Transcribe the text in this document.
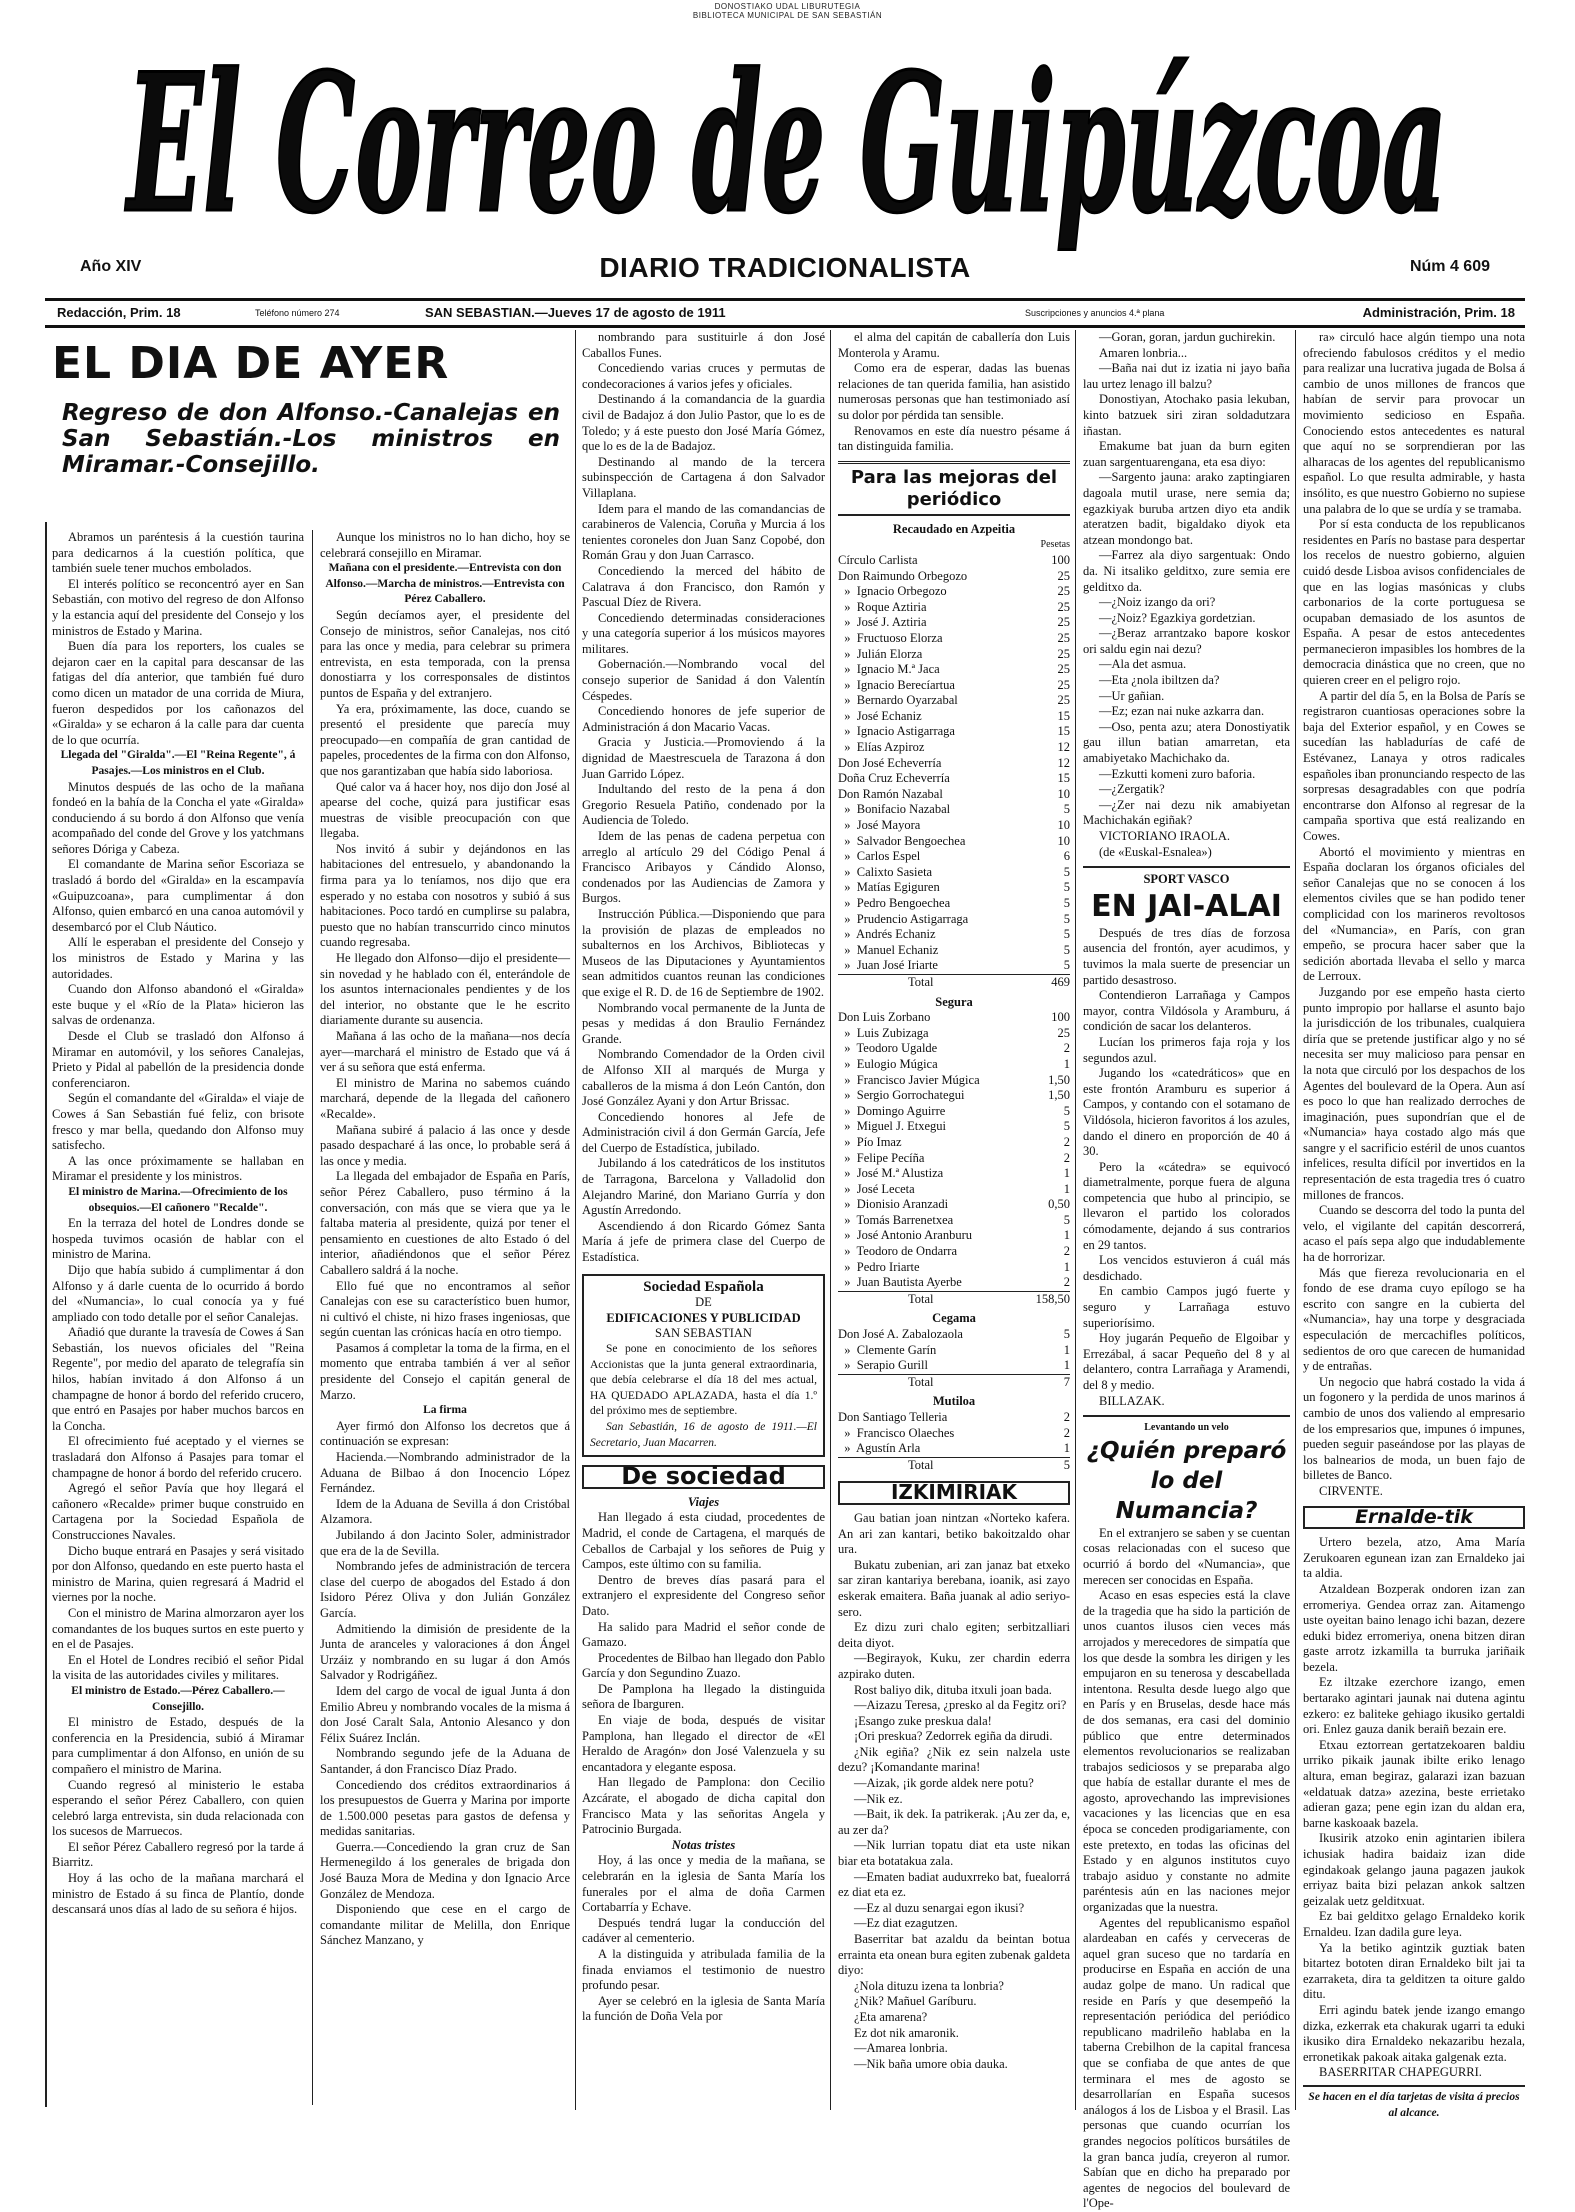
DONOSTIAKO UDAL LIBURUTEGIA
BIBLIOTECA MUNICIPAL DE SAN SEBASTIÁN
El Correo de Guipúzcoa
Año XIV	DIARIO TRADICIONALISTA	Núm 4 609
Redacción, Prim. 18	Teléfono número 274	SAN SEBASTIAN.—Jueves 17 de agosto de 1911	Suscripciones y anuncios 4.ª plana	Administración, Prim. 18
EL DIA DE AYER
Regreso de don Alfonso.-Canalejas en San Sebastián.-Los ministros en Miramar.-Consejillo.

Abramos un paréntesis á la cuestión taurina para dedicarnos á la cuestión política, que también suele tener muchos embolados.

El interés político se reconcentró ayer en San Sebastián, con motivo del regreso de don Alfonso y la estancia aquí del presidente del Consejo y los ministros de Estado y Marina.

Buen día para los reporters, los cuales se dejaron caer en la capital para descansar de las fatigas del día anterior, que también fué duro como dicen un matador de una corrida de Miura, fueron despedidos por los cañonazos del «Giralda» y se echaron á la calle para dar cuenta de lo que ocurría.

Llegada del "Giralda".—El "Reina Regente", á Pasajes.—Los ministros en el Club.

Minutos después de las ocho de la mañana fondeó en la bahía de la Concha el yate «Giralda» conduciendo á su bordo á don Alfonso que venía acompañado del conde del Grove y los yatchmans señores Dóriga y Cabeza.

El comandante de Marina señor Escoriaza se trasladó á bordo del «Giralda» en la escampavía «Guipuzcoana», para cumplimentar á don Alfonso, quien embarcó en una canoa automóvil y desembarcó por el Club Náutico.

Allí le esperaban el presidente del Consejo y los ministros de Estado y Marina y las autoridades.

Cuando don Alfonso abandonó el «Giralda» este buque y el «Río de la Plata» hicieron las salvas de ordenanza.

Desde el Club se trasladó don Alfonso á Miramar en automóvil, y los señores Canalejas, Prieto y Pidal al pabellón de la presidencia donde conferenciaron.

Según el comandante del «Giralda» el viaje de Cowes á San Sebastián fué feliz, con brisote fresco y mar bella, quedando don Alfonso muy satisfecho.

A las once próximamente se hallaban en Miramar el presidente y los ministros.

El ministro de Marina.—Ofrecimiento de los obsequios.—El cañonero "Recalde".

En la terraza del hotel de Londres donde se hospeda tuvimos ocasión de hablar con el ministro de Marina.

Dijo que había subido á cumplimentar á don Alfonso y á darle cuenta de lo ocurrido á bordo del «Numancia», lo cual conocía ya y fué ampliado con todo detalle por el señor Canalejas.

Añadió que durante la travesía de Cowes á San Sebastián, los nuevos oficiales del "Reina Regente", por medio del aparato de telegrafía sin hilos, habían invitado á don Alfonso á un champagne de honor á bordo del referido crucero, que entró en Pasajes por haber muchos barcos en la Concha.

El ofrecimiento fué aceptado y el viernes se trasladará don Alfonso á Pasajes para tomar el champagne de honor á bordo del referido crucero.

Agregó el señor Pavía que hoy llegará el cañonero «Recalde» primer buque construido en Cartagena por la Sociedad Española de Construcciones Navales.

Dicho buque entrará en Pasajes y será visitado por don Alfonso, quedando en este puerto hasta el ministro de Marina, quien regresará á Madrid el viernes por la noche.

Con el ministro de Marina almorzaron ayer los comandantes de los buques surtos en este puerto y en el de Pasajes.

En el Hotel de Londres recibió el señor Pidal la visita de las autoridades civiles y militares.

El ministro de Estado.—Pérez Caballero.—Consejillo.

El ministro de Estado, después de la conferencia en la Presidencia, subió á Miramar para cumplimentar á don Alfonso, en unión de su compañero el ministro de Marina.

Cuando regresó al ministerio le estaba esperando el señor Pérez Caballero, con quien celebró larga entrevista, sin duda relacionada con los sucesos de Marruecos.

El señor Pérez Caballero regresó por la tarde á Biarritz.

Hoy á las ocho de la mañana marchará el ministro de Estado á su finca de Plantío, donde descansará unos días al lado de su señora é hijos.

Aunque los ministros no lo han dicho, hoy se celebrará consejillo en Miramar.

Mañana con el presidente.—Entrevista con don Alfonso.—Marcha de ministros.—Entrevista con Pérez Caballero.

Según decíamos ayer, el presidente del Consejo de ministros, señor Canalejas, nos citó para las once y media, para celebrar su primera entrevista, en esta temporada, con la prensa donostiarra y los corresponsales de distintos puntos de España y del extranjero.

Ya era, próximamente, las doce, cuando se presentó el presidente que parecía muy preocupado—en compañía de gran cantidad de papeles, procedentes de la firma con don Alfonso, que nos garantizaban que había sido laboriosa.

Qué calor va á hacer hoy, nos dijo don José al apearse del coche, quizá para justificar esas muestras de visible preocupación con que llegaba.

Nos invitó á subir y dejándonos en las habitaciones del entresuelo, y abandonando la firma para ya lo teníamos, nos dijo que era esperado y no estaba con nosotros y subió á sus habitaciones. Poco tardó en cumplirse su palabra, puesto que no habían transcurrido cinco minutos cuando regresaba.

He llegado don Alfonso—dijo el presidente—sin novedad y he hablado con él, enterándole de los asuntos internacionales pendientes y de los del interior, no obstante que le he escrito diariamente durante su ausencia.

Mañana á las ocho de la mañana—nos decía ayer—marchará el ministro de Estado que vá á ver á su señora que está enferma.

El ministro de Marina no sabemos cuándo marchará, depende de la llegada del cañonero «Recalde».

Mañana subiré á palacio á las once y desde pasado despacharé á las once, lo probable será á las once y media.

La llegada del embajador de España en París, señor Pérez Caballero, puso término á la conversación, con más que se viera que ya le faltaba materia al presidente, quizá por tener el pensamiento en cuestiones de alto Estado ó del interior, añadiéndonos que el señor Pérez Caballero saldrá á la noche.

Ello fué que no encontramos al señor Canalejas con ese su característico buen humor, ni cultivó el chiste, ni hizo frases ingeniosas, que según cuentan las crónicas hacía en otro tiempo.

Pasamos á completar la toma de la firma, en el momento que entraba también á ver al señor presidente del Consejo el capitán general de Marzo.

La firma

Ayer firmó don Alfonso los decretos que á continuación se expresan:

Hacienda.—Nombrando administrador de la Aduana de Bilbao á don Inocencio López Fernández.

Idem de la Aduana de Sevilla á don Cristóbal Alzamora.

Jubilando á don Jacinto Soler, administrador que era de la de Sevilla.

Nombrando jefes de administración de tercera clase del cuerpo de abogados del Estado á don Isidoro Pérez Oliva y don Julián González García.

Admitiendo la dimisión de presidente de la Junta de aranceles y valoraciones á don Ángel Urzáiz y nombrando en su lugar á don Amós Salvador y Rodrigáñez.

Idem del cargo de vocal de igual Junta á don Emilio Abreu y nombrando vocales de la misma á don José Caralt Sala, Antonio Alesanco y don Félix Suárez Inclán.

Nombrando segundo jefe de la Aduana de Santander, á don Francisco Díaz Prado.

Concediendo dos créditos extraordinarios á los presupuestos de Guerra y Marina por importe de 1.500.000 pesetas para gastos de defensa y medidas sanitarias.

Guerra.—Concediendo la gran cruz de San Hermenegildo á los generales de brigada don José Bauza Mora de Medina y don Ignacio Arce González de Mendoza.

Disponiendo que cese en el cargo de comandante militar de Melilla, don Enrique Sánchez Manzano, y

nombrando para sustituirle á don José Caballos Funes.

Concediendo varias cruces y permutas de condecoraciones á varios jefes y oficiales.

Destinando á la comandancia de la guardia civil de Badajoz á don Julio Pastor, que lo es de Toledo; y á este puesto don José María Gómez, que lo es de la de Badajoz.

Destinando al mando de la tercera subinspección de Cartagena á don Salvador Villaplana.

Idem para el mando de las comandancias de carabineros de Valencia, Coruña y Murcia á los tenientes coroneles don Juan Sanz Copobé, don Román Grau y don Juan Carrasco.

Concediendo la merced del hábito de Calatrava á don Francisco, don Ramón y Pascual Díez de Rivera.

Concediendo determinadas consideraciones y una categoría superior á los músicos mayores militares.

Gobernación.—Nombrando vocal del consejo superior de Sanidad á don Valentín Céspedes.

Concediendo honores de jefe superior de Administración á don Macario Vacas.

Gracia y Justicia.—Promoviendo á la dignidad de Maestrescuela de Tarazona á don Juan Garrido López.

Indultando del resto de la pena á don Gregorio Resuela Patiño, condenado por la Audiencia de Toledo.

Idem de las penas de cadena perpetua con arreglo al artículo 29 del Código Penal á Francisco Aribayos y Cándido Alonso, condenados por las Audiencias de Zamora y Burgos.

Instrucción Pública.—Disponiendo que para la provisión de plazas de empleados no subalternos en los Archivos, Bibliotecas y Museos de las Diputaciones y Ayuntamientos sean admitidos cuantos reunan las condiciones que exige el R. D. de 16 de Septiembre de 1902.

Nombrando vocal permanente de la Junta de pesas y medidas á don Braulio Fernández Grande.

Nombrando Comendador de la Orden civil de Alfonso XII al marqués de Murga y caballeros de la misma á don León Cantón, don José González Ayani y don Artur Brissac.

Concediendo honores al Jefe de Administración civil á don Germán García, Jefe del Cuerpo de Estadística, jubilado.

Jubilando á los catedráticos de los institutos de Tarragona, Barcelona y Valladolid don Alejandro Mariné, don Mariano Gurría y don Agustín Arredondo.

Ascendiendo á don Ricardo Gómez Santa María á jefe de primera clase del Cuerpo de Estadística.

Sociedad Española
DE
EDIFICACIONES Y PUBLICIDAD
SAN SEBASTIAN

Se pone en conocimiento de los señores Accionistas que la junta general extraordinaria, que debía celebrarse el día 18 del mes actual, HA QUEDADO APLAZADA, hasta el día 1.º del próximo mes de septiembre.

San Sebastián, 16 de agosto de 1911.—El Secretario, Juan Macarren.

De sociedad
Viajes

Han llegado á esta ciudad, procedentes de Madrid, el conde de Cartagena, el marqués de Ceballos de Carbajal y los señores de Puig y Campos, este último con su familia.

Dentro de breves días pasará para el extranjero el expresidente del Congreso señor Dato.

Ha salido para Madrid el señor conde de Gamazo.

Procedentes de Bilbao han llegado don Pablo García y don Segundino Zuazo.

De Pamplona ha llegado la distinguida señora de Ibarguren.

En viaje de boda, después de visitar Pamplona, han llegado el director de «El Heraldo de Aragón» don José Valenzuela y su encantadora y elegante esposa.

Han llegado de Pamplona: don Cecilio Azcárate, el abogado de dicha capital don Francisco Mata y las señoritas Angela y Patrocinio Burgada.

Notas tristes

Hoy, á las once y media de la mañana, se celebrarán en la iglesia de Santa María los funerales por el alma de doña Carmen Cortabarría y Echave.

Después tendrá lugar la conducción del cadáver al cementerio.

A la distinguida y atribulada familia de la finada enviamos el testimonio de nuestro profundo pesar.

Ayer se celebró en la iglesia de Santa María la función de Doña Vela por

el alma del capitán de caballería don Luis Monterola y Aramu.

Como era de esperar, dadas las buenas relaciones de tan querida familia, han asistido numerosas personas que han testimoniado así su dolor por pérdida tan sensible.

Renovamos en este día nuestro pésame á tan distinguida familia.

Para las mejoras del periódico
Recaudado en Azpeitia
Pesetas
Círculo Carlista	100
Don Raimundo Orbegozo	25
»  Ignacio Orbegozo	25
»  Roque Aztiria	25
»  José J. Aztiria	25
»  Fructuoso Elorza	25
»  Julián Elorza	25
»  Ignacio M.ª Jaca	25
»  Ignacio Berecíartua	25
»  Bernardo Oyarzabal	25
»  José Echaniz	15
»  Ignacio Astigarraga	15
»  Elías Azpiroz	12
Don José Echeverría	12
Doña Cruz Echeverría	15
Don Ramón Nazabal	10
»  Bonifacio Nazabal	5
»  José Mayora	10
»  Salvador Bengoechea	10
»  Carlos Espel	6
»  Calixto Sasieta	5
»  Matías Egiguren	5
»  Pedro Bengoechea	5
»  Prudencio Astigarraga	5
»  Andrés Echaniz	5
»  Manuel Echaniz	5
»  Juan José Iriarte	5
Total	469
Segura
Don Luis Zorbano	100
»  Luis Zubizaga	25
»  Teodoro Ugalde	2
»  Eulogio Múgica	1
»  Francisco Javier Múgica	1,50
»  Sergio Gorrochategui	1,50
»  Domingo Aguirre	5
»  Miguel J. Etxegui	5
»  Pío Imaz	2
»  Felipe Pecíña	2
»  José M.ª Alustiza	1
»  José Leceta	1
»  Dionisio Aranzadi	0,50
»  Tomás Barrenetxea	5
»  José Antonio Aranburu	1
»  Teodoro de Ondarra	2
»  Pedro Iriarte	1
»  Juan Bautista Ayerbe	2
Total	158,50
Cegama
Don José A. Zabalozaola	5
»  Clemente Garín	1
»  Serapio Gurill	1
Total	7
Mutiloa
Don Santiago Telleria	2
»  Francisco Olaeches	2
»  Agustín Arla	1
Total	5
IZKIMIRIAK

Gau batian joan nintzan «Norteko kafera. An ari zan kantari, betiko bakoitzaldo ohar ura.

Bukatu zubenian, ari zan janaz bat etxeko sar ziran kantariya berebana, ioanik, asi zayo eskerak emaitera. Baña juanak al adio seriyo-sero.

Ez dizu zuri chalo egiten; serbitzalliari deita diyot.

—Begirayok, Kuku, zer chardin ederra azpirako duten.

Rost baliyo dik, dituba itxuli joan bada.

—Aizazu Teresa, ¿presko al da Fegitz ori?

¡Esango zuke preskua dala!

¡Ori preskua? Zedorrek egiña da dirudi.

¿Nik egiña? ¿Nik ez sein nalzela uste dezu? ¡Komandante marina!

—Aizak, ¡ik gorde aldek nere potu?

—Nik ez.

—Bait, ik dek. Ia patrikerak. ¡Au zer da, e, au zer da?

—Nik lurrian topatu diat eta uste nikan biar eta botatakua zala.

—Ematen badiat auduxrreko bat, fuealorrá ez diat eta ez.

—Ez al duzu senargai egon ikusi?

—Ez diat ezagutzen.

Baserritar bat azaldu da beintan botua errainta eta onean bura egiten zubenak galdeta diyo:

¿Nola dituzu izena ta lonbria?

¿Nik? Mañuel Garíburu.

¿Eta amarena?

Ez dot nik amaronik.

—Amarea lonbria.

—Nik baña umore obia dauka.

—Goran, goran, jardun guchirekin.

Amaren lonbria...

—Baña nai dut iz izatia ni jayo baña lau urtez lenago ill balzu?

Donostiyan, Atochako pasia lekuban, kinto batzuek siri ziran soldadutzara iñastan.

Emakume bat juan da burn egiten zuan sargentuarengana, eta esa diyo:

—Sargento jauna: arako zaptingiaren dagoala mutil urase, nere semia da; egazkiyak buruba artzen diyo eta andik ateratzen badit, bigaldako diyok eta atzean mondongo bat.

—Farrez ala diyo sargentuak: Ondo da. Ni itsaliko gelditxo, zure semia ere gelditxo da.

—¿Noiz izango da ori?

—¿Noiz? Egazkiya gordetzian.

—¿Beraz arrantzako bapore koskor ori saldu egin nai dezu?

—Ala det asmua.

—Eta ¿nola ibiltzen da?

—Ur gañian.

—Ez; ezan nai nuke azkarra dan.

—Oso, penta azu; atera Donostiyatik gau illun batian amarretan, eta amabiyetako Machichako da.

—Ezkutti komeni zuro baforia.

—¿Zergatik?

—¿Zer nai dezu nik amabiyetan Machichakán egiñak?

VICTORIANO IRAOLA.

(de «Euskal-Esnalea»)

SPORT VASCO
EN JAI-ALAI

Después de tres días de forzosa ausencia del frontón, ayer acudimos, y tuvimos la mala suerte de presenciar un partido desastroso.

Contendieron Larrañaga y Campos mayor, contra Vildósola y Aramburu, á condición de sacar los delanteros.

Lucían los primeros faja roja y los segundos azul.

Jugando los «catedráticos» que en este frontón Aramburu es superior á Campos, y contando con el sotamano de Vildósola, hicieron favoritos á los azules, dando el dinero en proporción de 40 á 30.

Pero la «cátedra» se equivocó diametralmente, porque fuera de alguna competencia que hubo al principio, se llevaron el partido los colorados cómodamente, dejando á sus contrarios en 29 tantos.

Los vencidos estuvieron á cuál más desdichado.

En cambio Campos jugó fuerte y seguro y Larrañaga estuvo superiorísimo.

Hoy jugarán Pequeño de Elgoibar y Errezábal, á sacar Pequeño del 8 y al delantero, contra Larrañaga y Aramendi, del 8 y medio.

BILLAZAK.

Levantando un velo
¿Quién preparó lo del Numancia?

En el extranjero se saben y se cuentan cosas relacionadas con el suceso que ocurrió á bordo del «Numancia», que merecen ser conocidas en España.

Acaso en esas especies está la clave de la tragedia que ha sido la partición de unos cuantos ilusos cien veces más arrojados y merecedores de simpatía que los que desde la sombra les dirigen y les empujaron en su tenerosa y descabellada intentona. Resulta desde luego algo que en París y en Bruselas, desde hace más de dos semanas, era casi del dominio público que entre determinados elementos revolucionarios se realizaban trabajos sediciosos y se preparaba algo que había de estallar durante el mes de agosto, aprovechando las imprevisiones vacaciones y las licencias que en esa época se conceden prodigariamente, con este pretexto, en todas las oficinas del Estado y en algunos institutos cuyo trabajo asiduo y constante no admite paréntesis aún en las naciones mejor organizadas que la nuestra.

Agentes del republicanismo español alardeaban en cafés y cerveceras de aquel gran suceso que no tardaría en producirse en España en acción de una audaz golpe de mano. Un radical que reside en París y que desempeñó la representación periódica del periódico republicano madrileño hablaba en la taberna Crebilhon de la capital francesa que se confiaba de que antes de que terminara el mes de agosto se desarrollarían en España sucesos análogos á los de Lisboa y el Brasil. Las personas que cuando ocurrían los grandes negocios políticos bursátiles de la gran banca judía, creyeron al rumor. Sabían que en dicho ha preparado por agentes de negocios del boulevard de l'Ope-

ra» circuló hace algún tiempo una nota ofreciendo fabulosos créditos y el medio para realizar una lucrativa jugada de Bolsa á cambio de unos millones de francos que habían de servir para provocar un movimiento sedicioso en España. Conociendo estos antecedentes es natural que aquí no se sorprendieran por las alharacas de los agentes del republicanismo español. Lo que resulta admirable, y hasta insólito, es que nuestro Gobierno no supiese una palabra de lo que se urdía y se tramaba.

Por sí esta conducta de los republicanos residentes en París no bastase para despertar los recelos de nuestro gobierno, alguien cuidó desde Lisboa avisos confidenciales de que en las logias masónicas y clubs carbonarios de la corte portuguesa se ocupaban demasiado de los asuntos de España. A pesar de estos antecedentes permanecieron impasibles los hombres de la democracia dinástica que no creen, que no quieren creer en el peligro rojo.

A partir del día 5, en la Bolsa de París se registraron cuantiosas operaciones sobre la baja del Exterior español, y en Cowes se sucedían las habladurías de café de Estévanez, Lanaya y otros radicales españoles iban pronunciando respecto de las sorpresas desagradables con que podría encontrarse don Alfonso al regresar de la campaña sportiva que está realizando en Cowes.

Abortó el movimiento y mientras en España doclaran los órganos oficiales del señor Canalejas que no se conocen á los elementos civiles que se han podido tener complicidad con los marineros revoltosos del «Numancia», en París, con gran empeño, se procura hacer saber que la sedición abortada llevaba el sello y marca de Lerroux.

Juzgando por ese empeño hasta cierto punto impropio por hallarse el asunto bajo la jurisdicción de los tribunales, cualquiera diría que se pretende justificar algo y no sé necesita ser muy malicioso para pensar en la nota que circuló por los despachos de los Agentes del boulevard de la Opera. Aun así es poco lo que han realizado derroches de imaginación, pues supondrían que el de «Numancia» haya costado algo más que sangre y el sacrificio estéril de unos cuantos infelices, resulta difícil por invertidos en la representación de esta tragedia tres ó cuatro millones de francos.

Cuando se descorra del todo la punta del velo, el vigilante del capitán descorrerá, acaso el país sepa algo que indudablemente ha de horrorizar.

Más que fiereza revolucionaria en el fondo de ese drama cuyo epílogo se ha escrito con sangre en la cubierta del «Numancia», hay una torpe y desgraciada especulación de mercachifles políticos, sedientos de oro que carecen de humanidad y de entrañas.

Un negocio que habrá costado la vida á un fogonero y la perdida de unos marinos á cambio de unos dos valiendo al empresario de los empresarios que, impunes ó impunes, pueden seguir paseándose por las playas de los balnearios de moda, un buen fajo de billetes de Banco.

CIRVENTE.

Ernalde-tik

Urtero bezela, atzo, Ama María Zerukoaren egunean izan zan Ernaldeko jai ta aldia.

Atzaldean Bozperak ondoren izan zan erromeriya. Gendea orraz zan. Aitamengo uste oyeitan baino lenago ichi bazan, dezere eduki bidez erromeriya, onena bitzen diran gaste arrotz izkamilla ta burruka jariñaik bezela.

Ez iltzake ezerchore izango, emen bertarako agintari jaunak nai dutena agintu ezkero: ez baliteke gehiago ikusiko gertaldi ori. Enlez gauza danik beraiñ bezain ere.

Etxau eztorrean gertatzekoaren baldiu urriko pikaik jaunak ibilte eriko lenago altura, eman begiraz, galarazi izan bazuan «eldatuak datza» azezina, beste errietako adieran gaza; pene egin izan du aldan era, barne kaskoaak bazela.

Ikusirik atzoko enin agintarien ibilera ichusiak hadira baidaiz izan dide egindakoak gelango jauna pagazen jaukok erriyaz baita bizi pelazan ankok saltzen geizalak uetz gelditxuat.

Ez bai gelditxo gelago Ernaldeko korik Ernaldeu. Izan dadila gure leya.

Ya la betiko agintzik guztiak baten bitartez bototen diran Ernaldeko bilt jai ta ezarraketa, dira ta gelditzen ta oiture galdo ditu.

Erri agindu batek jende izango emango dizka, ezkerrak eta chakurak ugarri ta eduki ikusiko dira Ernaldeko nekazaribu hezala, erronetikak pakoak aitaka galgenak ezta.

BASERRITAR CHAPEGURRI.

Se hacen en el día tarjetas de visita á precios al alcance.
